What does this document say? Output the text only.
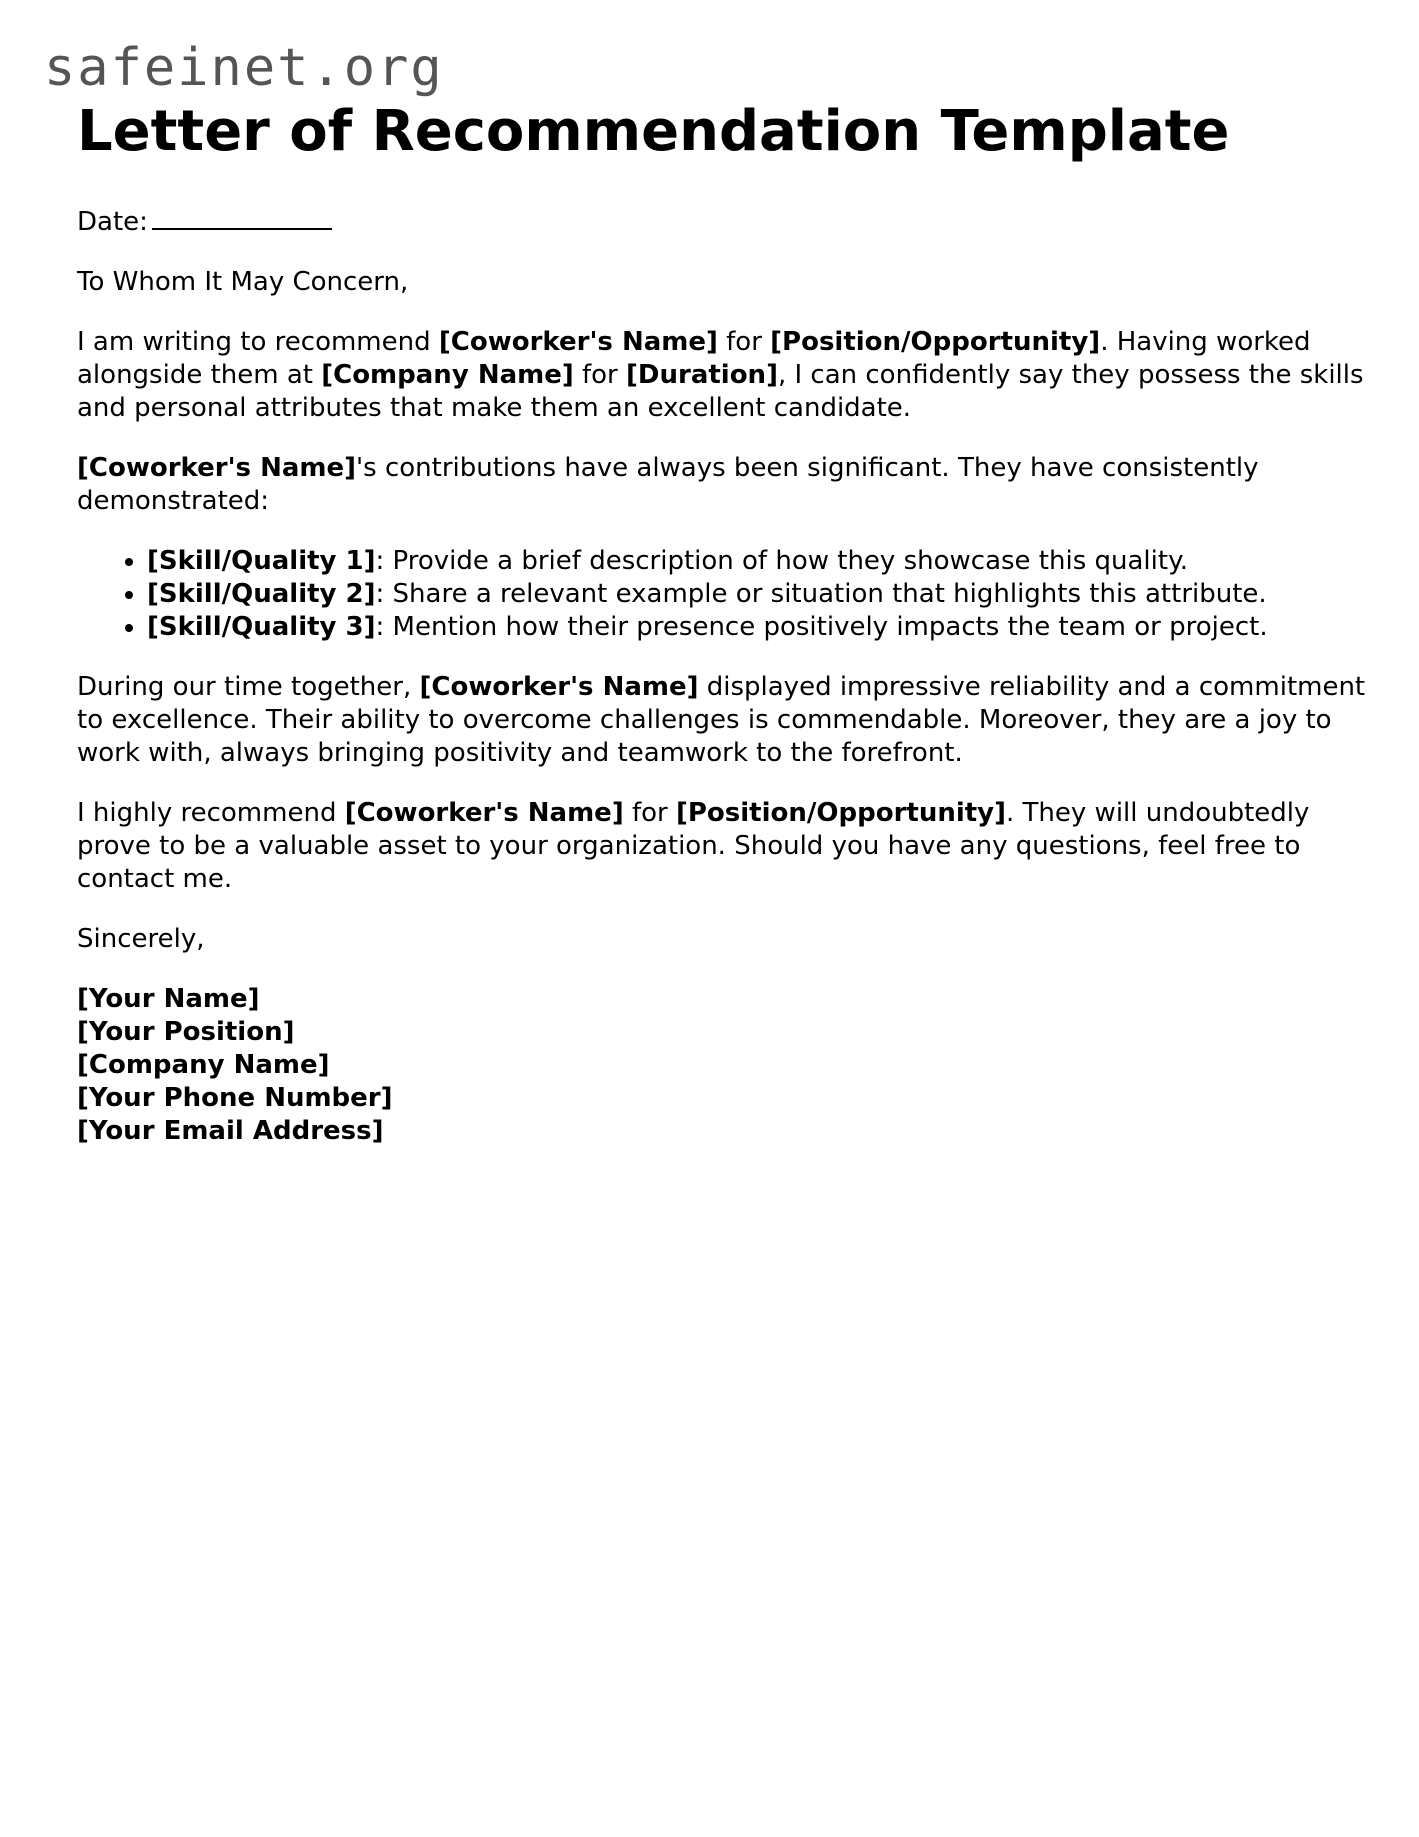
safeinet.org
Letter of Recommendation Template

Date:

To Whom It May Concern,

I am writing to recommend [Coworker's Name] for [Position/Opportunity]. Having worked alongside them at [Company Name] for [Duration], I can confidently say they possess the skills and personal attributes that make them an excellent candidate.

[Coworker's Name]'s contributions have always been significant. They have consistently demonstrated:

• [Skill/Quality 1]: Provide a brief description of how they showcase this quality.
• [Skill/Quality 2]: Share a relevant example or situation that highlights this attribute.
• [Skill/Quality 3]: Mention how their presence positively impacts the team or project.

During our time together, [Coworker's Name] displayed impressive reliability and a commitment to excellence. Their ability to overcome challenges is commendable. Moreover, they are a joy to work with, always bringing positivity and teamwork to the forefront.

I highly recommend [Coworker's Name] for [Position/Opportunity]. They will undoubtedly prove to be a valuable asset to your organization. Should you have any questions, feel free to contact me.

Sincerely,

[Your Name]
[Your Position]
[Company Name]
[Your Phone Number]
[Your Email Address]
